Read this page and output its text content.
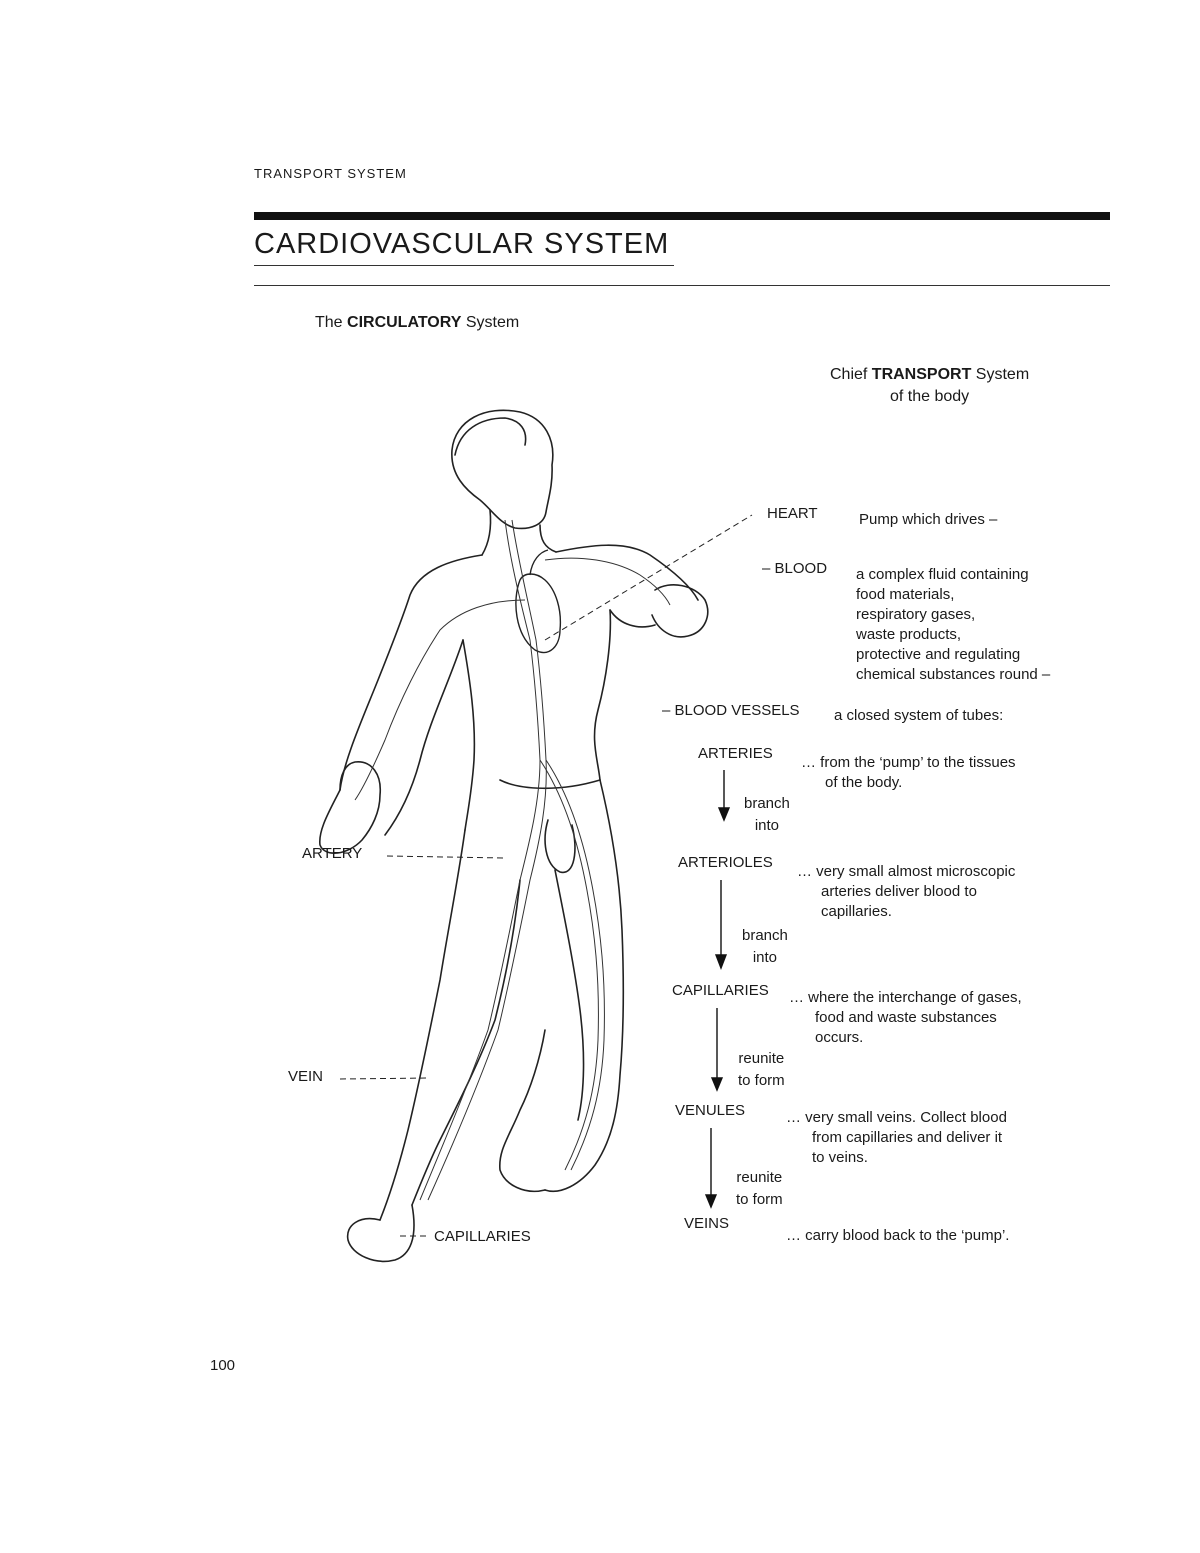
TRANSPORT SYSTEM
CARDIOVASCULAR SYSTEM
The CIRCULATORY System
Chief TRANSPORT System
of the body
ARTERY
VEIN
CAPILLARIES
HEART	Pump which drives –
– BLOOD a complex fluid containing
food materials,
respiratory gases,
waste products,
protective and regulating
chemical substances round –
– BLOOD VESSELS a closed system of tubes:
ARTERIES
… from the ‘pump’ to the tissues
of the body.
branch
into
ARTERIOLES
… very small almost microscopic
arteries deliver blood to
capillaries.
branch
into
CAPILLARIES … where the interchange of gases,
food and waste substances
occurs.
reunite
to form
VENULES	… very small veins. Collect blood
from capillaries and deliver it
to veins.
reunite
to form
VEINS
… carry blood back to the ‘pump’.
100
